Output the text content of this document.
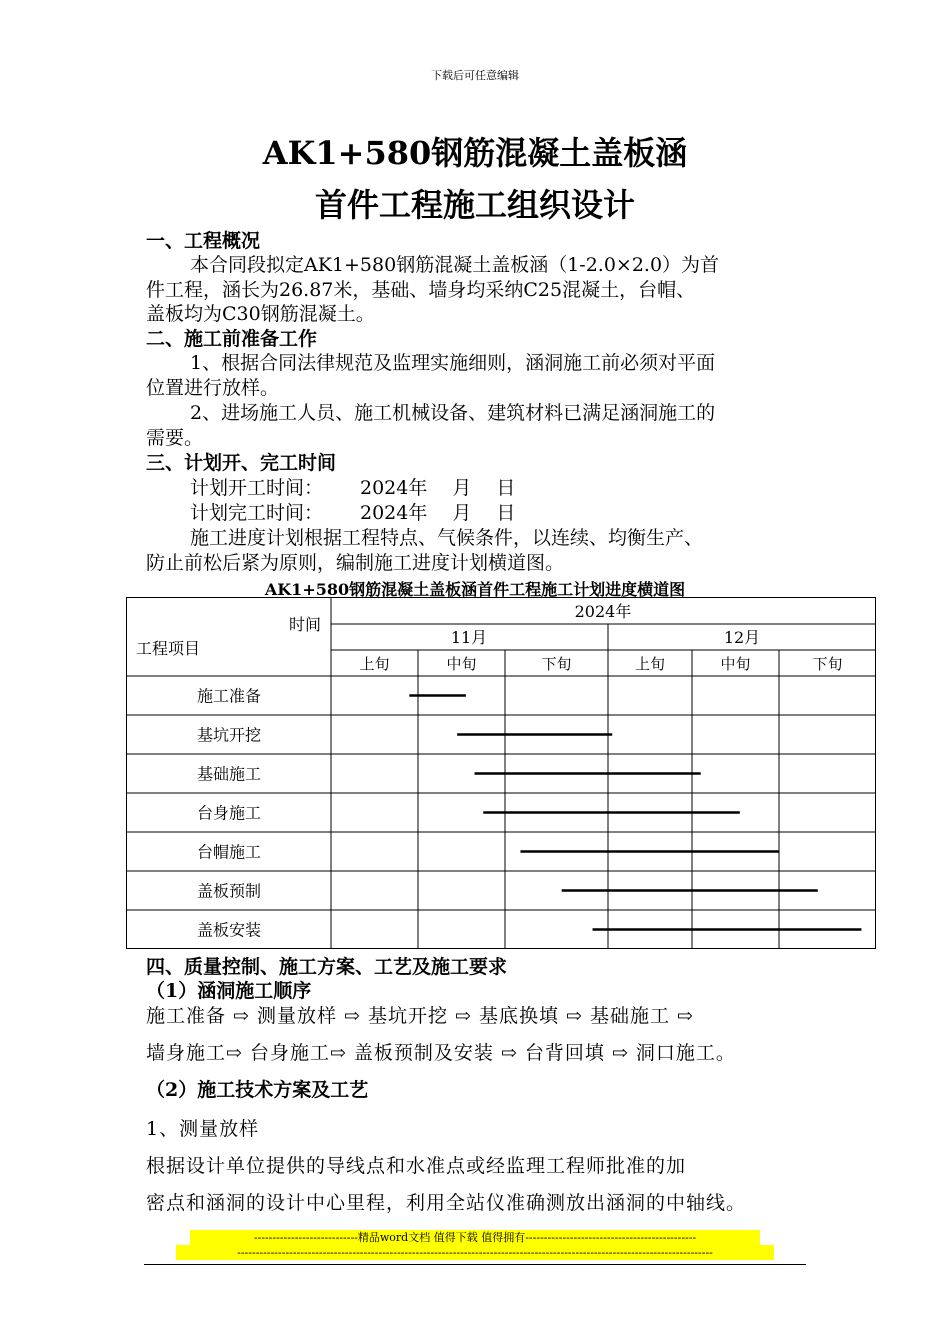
下载后可任意编辑
AK1+580钢筋混凝土盖板涵
首件工程施工组织设计
一、工程概况
本合同段拟定AK1+580钢筋混凝土盖板涵（1-2.0×2.0）为首
件工程，涵长为26.87米，基础、墙身均采纳C25混凝土，台帽、
盖板均为C30钢筋混凝土。
二、施工前准备工作
1、根据合同法律规范及监理实施细则，涵洞施工前必须对平面
位置进行放样。
2、进场施工人员、施工机械设备、建筑材料已满足涵洞施工的
需要。
三、计划开、完工时间
计划开工时间： 2024年　 月　 日
计划完工时间： 2024年　 月　 日
施工进度计划根据工程特点、气候条件，以连续、均衡生产、
防止前松后紧为原则，编制施工进度计划横道图。
AK1+580钢筋混凝土盖板涵首件工程施工计划进度横道图
时间
工程项目
2024年
11月	12月
上旬	中旬	下旬	上旬	中旬	下旬
施工准备
基坑开挖
基础施工
台身施工
台帽施工
盖板预制
盖板安装
四、质量控制、施工方案、工艺及施工要求
（1）涵洞施工顺序
施工准备 ⇨ 测量放样 ⇨ 基坑开挖 ⇨ 基底换填 ⇨ 基础施工 ⇨
墙身施工⇨ 台身施工⇨ 盖板预制及安装 ⇨ 台背回填 ⇨ 洞口施工。
（2）施工技术方案及工艺
1、测量放样
根据设计单位提供的导线点和水准点或经监理工程师批准的加
密点和涵洞的设计中心里程，利用全站仪准确测放出涵洞的中轴线。
----------------------------精品word文档 值得下载 值得拥有----------------------------------------------
--------------------------------------------------------------------------------------------------------------------------------
